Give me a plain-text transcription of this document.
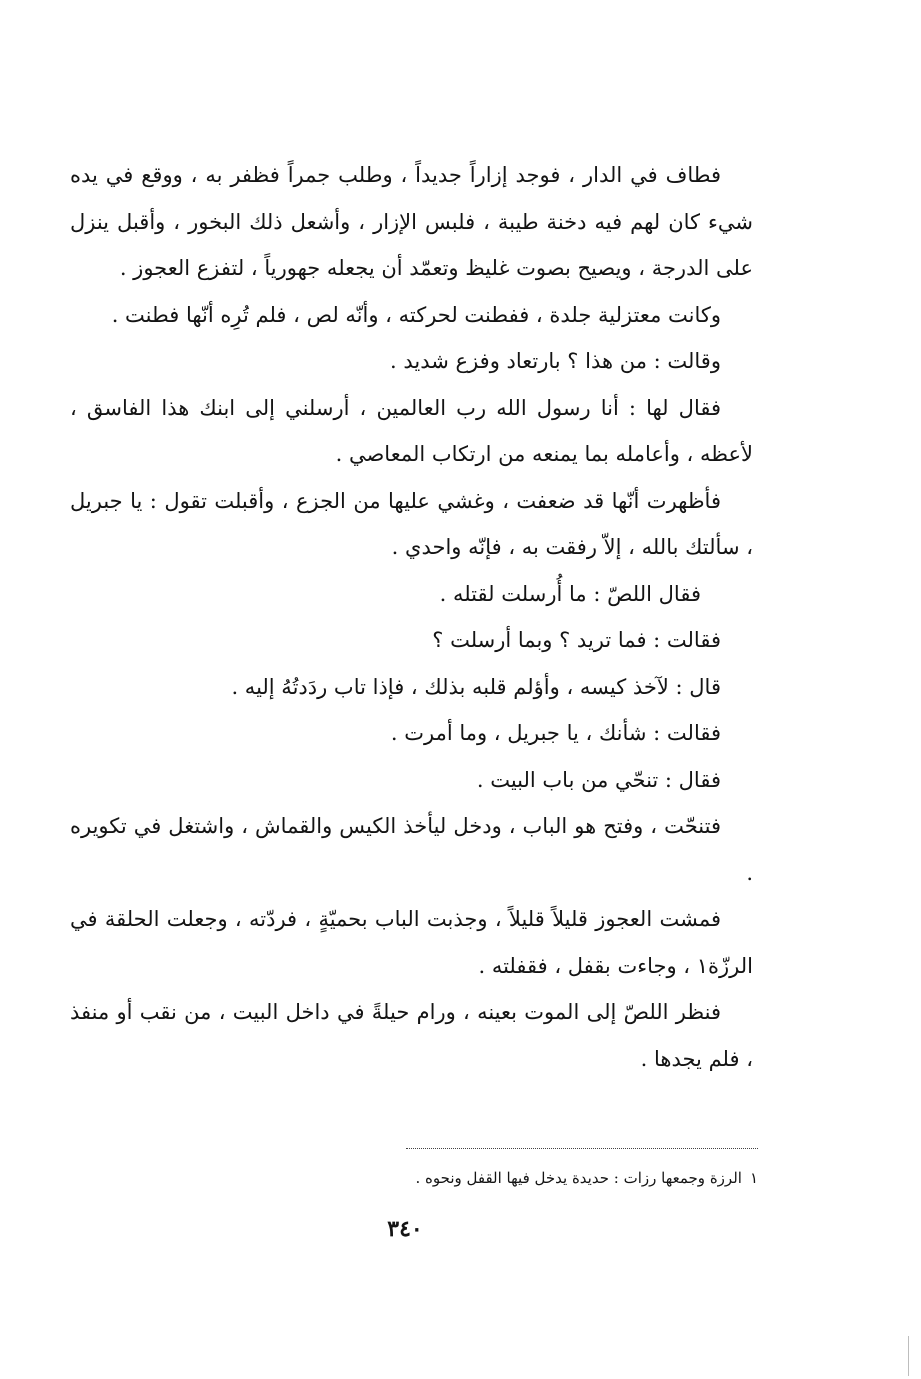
فطاف في الدار ، فوجد إزاراً جديداً ، وطلب جمراً فظفر به ، ووقع في يده شيء كان لهم فيه دخنة طيبة ، فلبس الإزار ، وأشعل ذلك البخور ، وأقبل ينزل على الدرجة ، ويصيح بصوت غليظ وتعمّد أن يجعله جهورياً ، لتفزع العجوز .

وكانت معتزلية جلدة ، ففطنت لحركته ، وأنّه لص ، فلم تُرِه أنّها فطنت .

وقالت : من هذا ؟ بارتعاد وفزع شديد .

فقال لها : أنا رسول الله رب العالمين ، أرسلني إلى ابنك هذا الفاسق ، لأعظه ، وأعامله بما يمنعه من ارتكاب المعاصي .

فأظهرت أنّها قد ضعفت ، وغشي عليها من الجزع ، وأقبلت تقول : يا جبريل ، سألتك بالله ، إلاّ رفقت به ، فإنّه واحدي .

فقال اللصّ : ما أُرسلت لقتله .

فقالت : فما تريد ؟ وبما أرسلت ؟

قال : لآخذ كيسه ، وأؤلم قلبه بذلك ، فإذا تاب ردَدتُهُ إليه .

فقالت : شأنك ، يا جبريل ، وما أمرت .

فقال : تنحّي من باب البيت .

فتنحّت ، وفتح هو الباب ، ودخل ليأخذ الكيس والقماش ، واشتغل في تكويره .

فمشت العجوز قليلاً قليلاً ، وجذبت الباب بحميّةٍ ، فردّته ، وجعلت الحلقة في الرزّة١ ، وجاءت بقفل ، فقفلته .

فنظر اللصّ إلى الموت بعينه ، ورام حيلةً في داخل البيت ، من نقب أو منفذ ، فلم يجدها .

١الرزة وجمعها رزات : حديدة يدخل فيها القفل ونحوه .
٣٤٠
